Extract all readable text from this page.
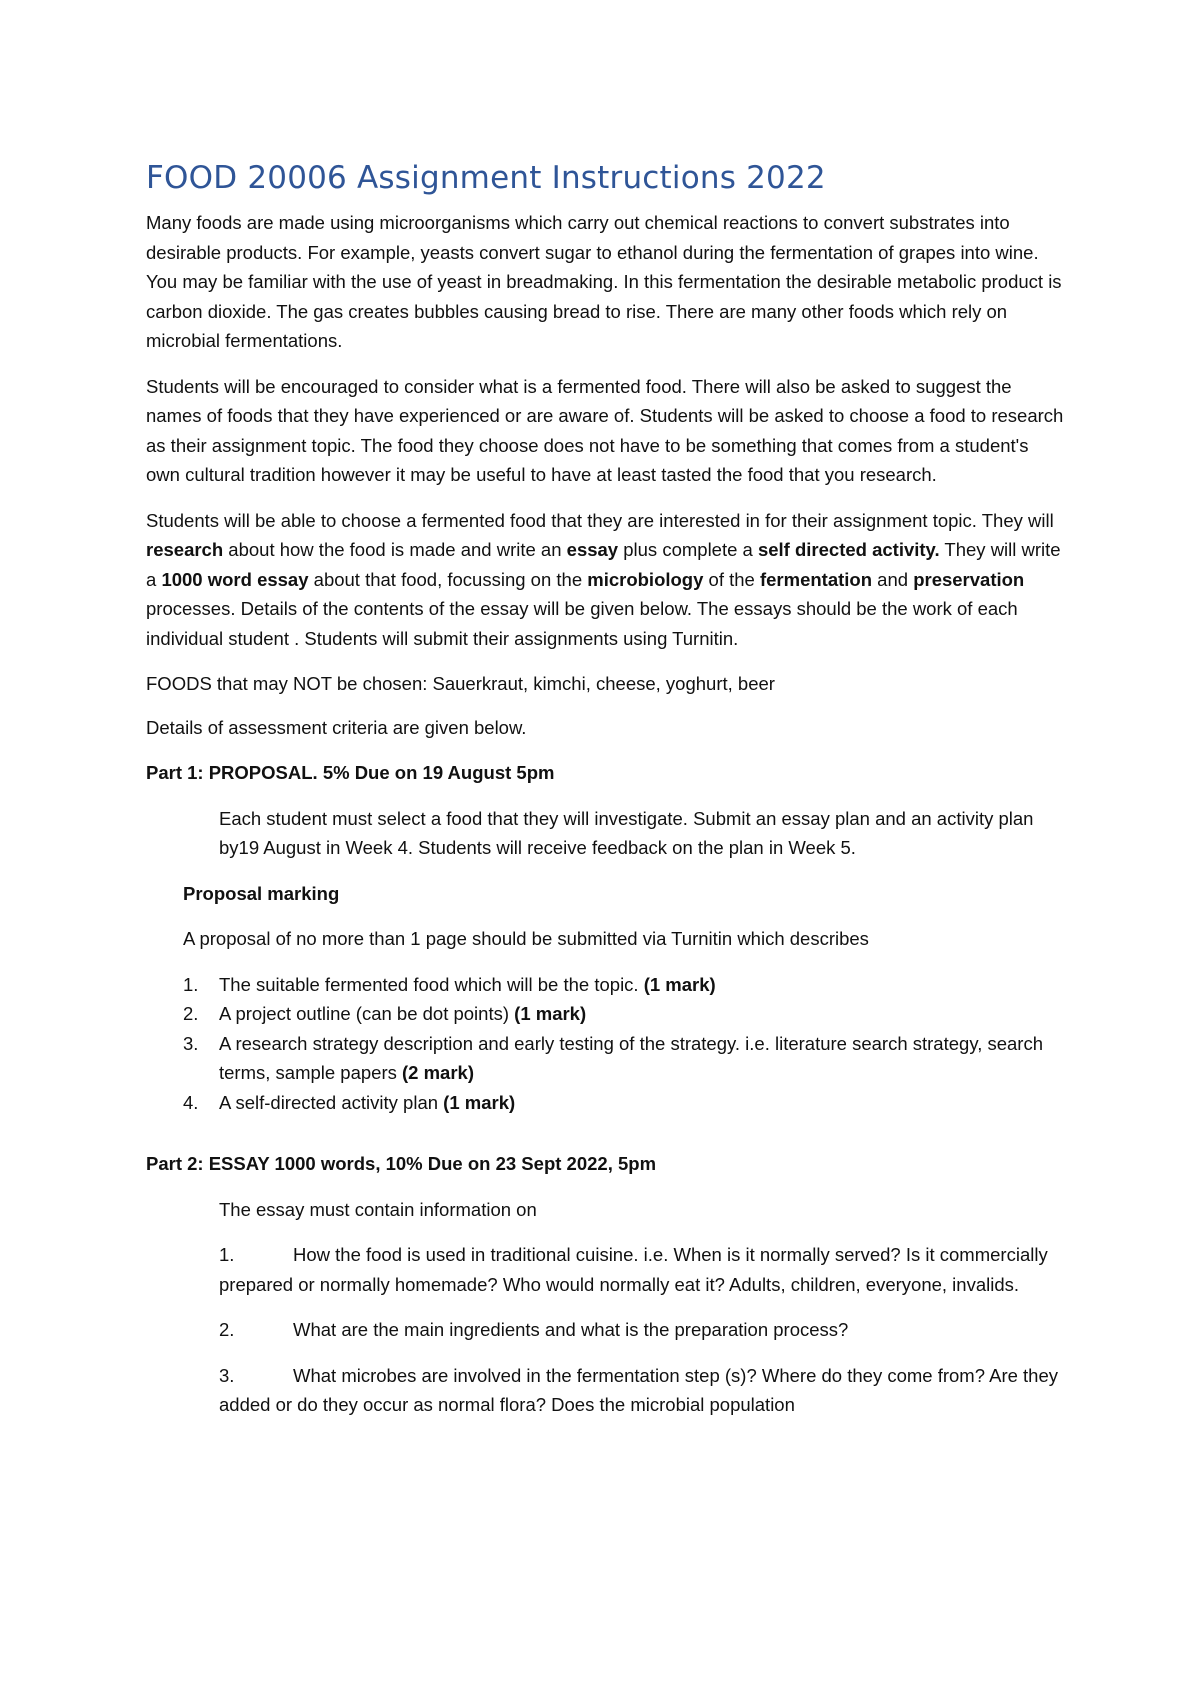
FOOD 20006 Assignment Instructions 2022

Many foods are made using microorganisms which carry out chemical reactions to convert substrates into desirable products. For example, yeasts convert sugar to ethanol during the fermentation of grapes into wine. You may be familiar with the use of yeast in breadmaking. In this fermentation the desirable metabolic product is carbon dioxide. The gas creates bubbles causing bread to rise. There are many other foods which rely on microbial fermentations.

Students will be encouraged to consider what is a fermented food. There will also be asked to suggest the names of foods that they have experienced or are aware of. Students will be asked to choose a food to research as their assignment topic. The food they choose does not have to be something that comes from a student's own cultural tradition however it may be useful to have at least tasted the food that you research.

Students will be able to choose a fermented food that they are interested in for their assignment topic. They will research about how the food is made and write an essay plus complete a self directed activity. They will write a 1000 word essay about that food, focussing on the microbiology of the fermentation and preservation processes. Details of the contents of the essay will be given below. The essays should be the work of each individual student . Students will submit their assignments using Turnitin.

FOODS that may NOT be chosen: Sauerkraut, kimchi, cheese, yoghurt, beer

Details of assessment criteria are given below.

Part 1: PROPOSAL. 5% Due on 19 August 5pm

Each student must select a food that they will investigate. Submit an essay plan and an activity plan by19 August in Week 4. Students will receive feedback on the plan in Week 5.

Proposal marking

A proposal of no more than 1 page should be submitted via Turnitin which describes

1. The suitable fermented food which will be the topic. (1 mark)
2. A project outline (can be dot points) (1 mark)
3. A research strategy description and early testing of the strategy. i.e. literature search strategy, search terms, sample papers (2 mark)
4. A self-directed activity plan (1 mark)
Part 2: ESSAY 1000 words, 10% Due on 23 Sept 2022, 5pm

The essay must contain information on

1.	How the food is used in traditional cuisine. i.e. When is it normally served? Is it commercially prepared or normally homemade? Who would normally eat it? Adults, children, everyone, invalids.
2.	What are the main ingredients and what is the preparation process?
3.	What microbes are involved in the fermentation step (s)? Where do they come from? Are they added or do they occur as normal flora? Does the microbial population
